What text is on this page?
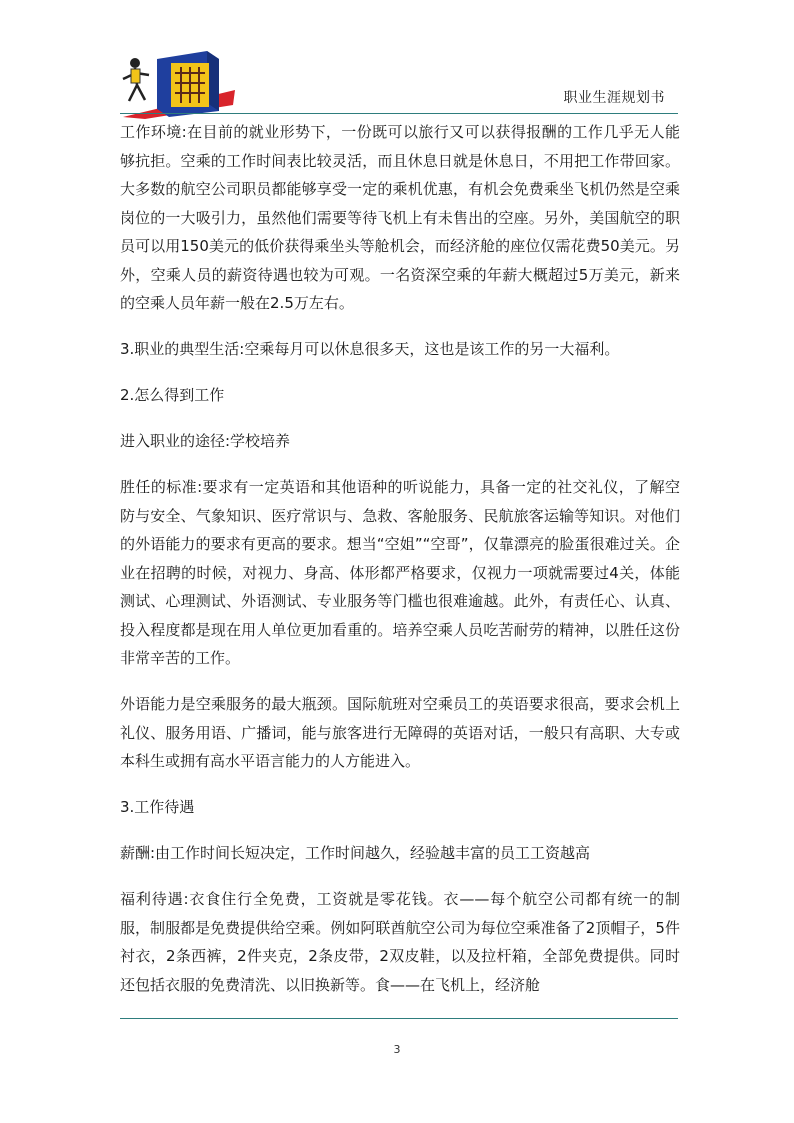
职业生涯规划书

工作环境:在目前的就业形势下，一份既可以旅行又可以获得报酬的工作几乎无人能够抗拒。空乘的工作时间表比较灵活，而且休息日就是休息日，不用把工作带回家。大多数的航空公司职员都能够享受一定的乘机优惠，有机会免费乘坐飞机仍然是空乘岗位的一大吸引力，虽然他们需要等待飞机上有未售出的空座。另外，美国航空的职员可以用150美元的低价获得乘坐头等舱机会，而经济舱的座位仅需花费50美元。另外，空乘人员的薪资待遇也较为可观。一名资深空乘的年薪大概超过5万美元，新来的空乘人员年薪一般在2.5万左右。

3.职业的典型生活:空乘每月可以休息很多天，这也是该工作的另一大福利。

2.怎么得到工作

进入职业的途径:学校培养

胜任的标准:要求有一定英语和其他语种的听说能力，具备一定的社交礼仪，了解空防与安全、气象知识、医疗常识与、急救、客舱服务、民航旅客运输等知识。对他们的外语能力的要求有更高的要求。想当“空姐”“空哥”，仅靠漂亮的脸蛋很难过关。企业在招聘的时候，对视力、身高、体形都严格要求，仅视力一项就需要过4关，体能测试、心理测试、外语测试、专业服务等门槛也很难逾越。此外，有责任心、认真、投入程度都是现在用人单位更加看重的。培养空乘人员吃苦耐劳的精神，以胜任这份非常辛苦的工作。

外语能力是空乘服务的最大瓶颈。国际航班对空乘员工的英语要求很高，要求会机上礼仪、服务用语、广播词，能与旅客进行无障碍的英语对话，一般只有高职、大专或本科生或拥有高水平语言能力的人方能进入。

3.工作待遇

薪酬:由工作时间长短决定，工作时间越久，经验越丰富的员工工资越高

福利待遇:衣食住行全免费，工资就是零花钱。衣——每个航空公司都有统一的制服，制服都是免费提供给空乘。例如阿联酋航空公司为每位空乘准备了2顶帽子，5件衬衣，2条西裤，2件夹克，2条皮带，2双皮鞋，以及拉杆箱，全部免费提供。同时还包括衣服的免费清洗、以旧换新等。食——在飞机上，经济舱

3
